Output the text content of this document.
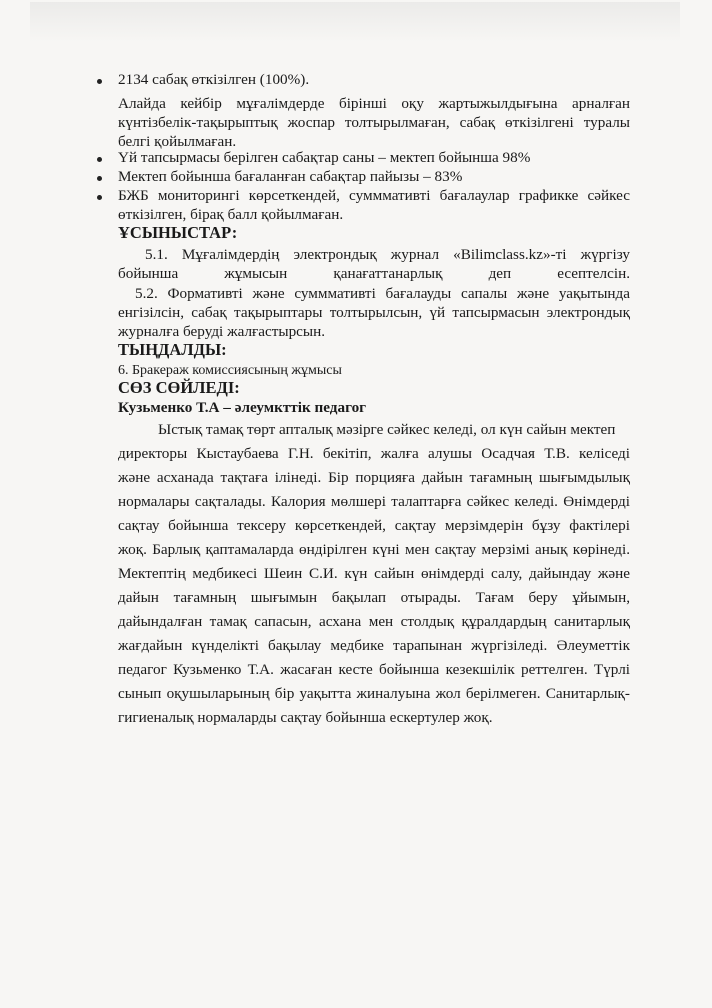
2134 сабақ өткізілген (100%).
Алайда кейбір мұғалімдерде бірінші оқу жартыжылдығына арналған
күнтізбелік-тақырыптық жоспар толтырылмаған, сабақ өткізілгені туралы
белгі қойылмаған.
Үй тапсырмасы берілген сабақтар саны – мектеп бойынша 98%
Мектеп бойынша бағаланған сабақтар пайызы – 83%
БЖБ мониторингі көрсеткендей, сумммативті бағалаулар графикке сәйкес
өткізілген, бірақ балл қойылмаған.
ҰСЫНЫСТАР:
5.1. Мұғалімдердің электрондық журнал «Bilimclass.kz»-ті жүргізу
бойынша жұмысын қанағаттанарлық деп есептелсін.
5.2. Формативті және сумммативті бағалауды сапалы және уақытында
енгізілсін, сабақ тақырыптары толтырылсын, үй тапсырмасын электрондық
журналға беруді жалғастырсын.
ТЫҢДАЛДЫ:
6. Бракераж комиссиясының жұмысы
СӨЗ СӨЙЛЕДІ:
Кузьменко Т.А – әлеумкттік педагог
Ыстық тамақ төрт апталық мәзірге сәйкес келеді, ол күн сайын мектеп
директоры Кыстаубаева Г.Н. бекітіп, жалға алушы Осадчая Т.В. келіседі
және асханада тақтаға ілінеді. Бір порцияға дайын тағамның шығымдылық
нормалары сақталады. Калория мөлшері талаптарға сәйкес келеді. Өнімдерді
сақтау бойынша тексеру көрсеткендей, сақтау мерзімдерін бұзу фактілері
жоқ. Барлық қаптамаларда өндірілген күні мен сақтау мерзімі анық көрінеді.
Мектептің медбикесі Шеин С.И. күн сайын өнімдерді салу, дайындау және
дайын тағамның шығымын бақылап отырады. Тағам беру ұйымын,
дайындалған тамақ сапасын, асхана мен столдық құралдардың санитарлық
жағдайын күнделікті бақылау медбике тарапынан жүргізіледі. Әлеуметтік
педагог Кузьменко Т.А. жасаған кесте бойынша кезекшілік реттелген. Түрлі
сынып оқушыларының бір уақытта жиналуына жол берілмеген. Санитарлық-
гигиеналық нормаларды сақтау бойынша ескертулер жоқ.
